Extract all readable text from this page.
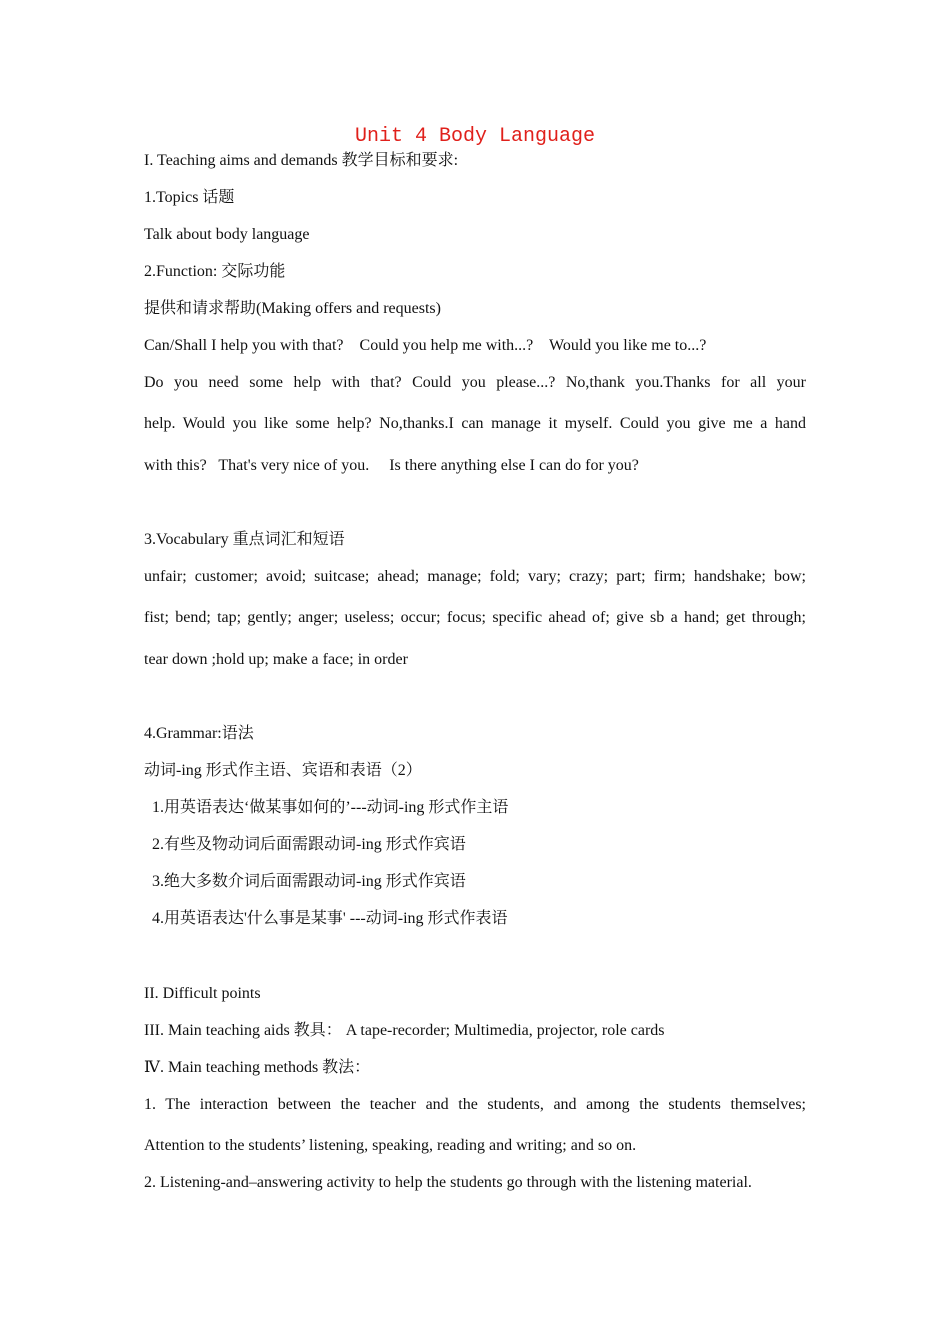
Unit 4 Body Language
I. Teaching aims and demands 教学目标和要求:
1.Topics 话题
Talk about body language
2.Function: 交际功能
提供和请求帮助(Making offers and requests)
Can/Shall I help you with that?    Could you help me with...?    Would you like me to...?
Do you need some help with that? Could you please...? No,thank you.Thanks for all your
help. Would you like some help? No,thanks.I can manage it myself. Could you give me a hand
with this?   That's very nice of you.     Is there anything else I can do for you?
3.Vocabulary 重点词汇和短语
unfair; customer; avoid; suitcase; ahead; manage; fold; vary; crazy; part; firm; handshake; bow;
fist; bend; tap; gently; anger; useless; occur; focus; specific ahead of; give sb a hand; get through;
tear down ;hold up; make a face; in order
4.Grammar:语法
动词-ing 形式作主语、宾语和表语（2）
1.用英语表达‘做某事如何的’---动词-ing 形式作主语
2.有些及物动词后面需跟动词-ing 形式作宾语
3.绝大多数介词后面需跟动词-ing 形式作宾语
4.用英语表达'什么事是某事' ---动词-ing 形式作表语
II. Difficult points
III. Main teaching aids 教具： A tape-recorder; Multimedia, projector, role cards
Ⅳ. Main teaching methods 教法：
1. The interaction between the teacher and the students, and among the students themselves;
Attention to the students’ listening, speaking, reading and writing; and so on.
2. Listening-and–answering activity to help the students go through with the listening material.
